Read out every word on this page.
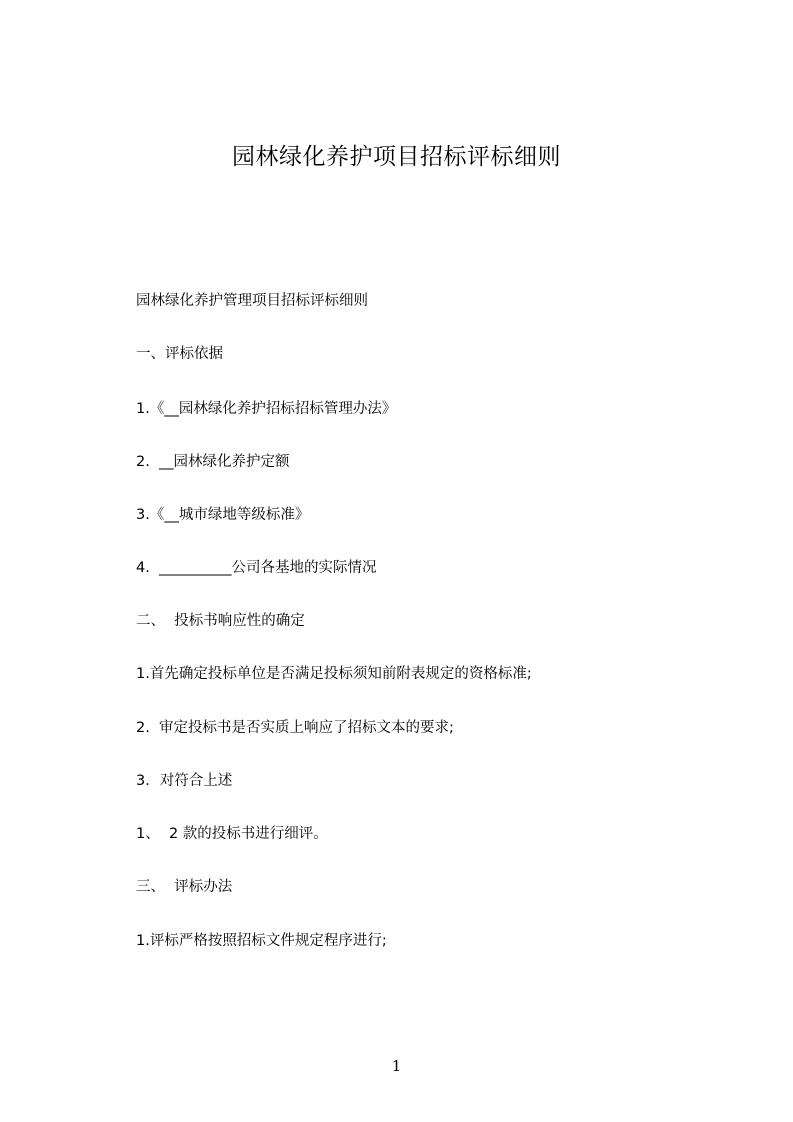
园林绿化养护项目招标评标细则
园林绿化养护管理项目招标评标细则
一、评标依据
1.《__园林绿化养护招标招标管理办法》
2.  __园林绿化养护定额
3.《__城市绿地等级标准》
4.  __________公司各基地的实际情况
二、  投标书响应性的确定
1.首先确定投标单位是否满足投标须知前附表规定的资格标准;
2.  审定投标书是否实质上响应了招标文本的要求;
3．对符合上述
1、  2 款的投标书进行细评。
三、  评标办法
1.评标严格按照招标文件规定程序进行;
1
